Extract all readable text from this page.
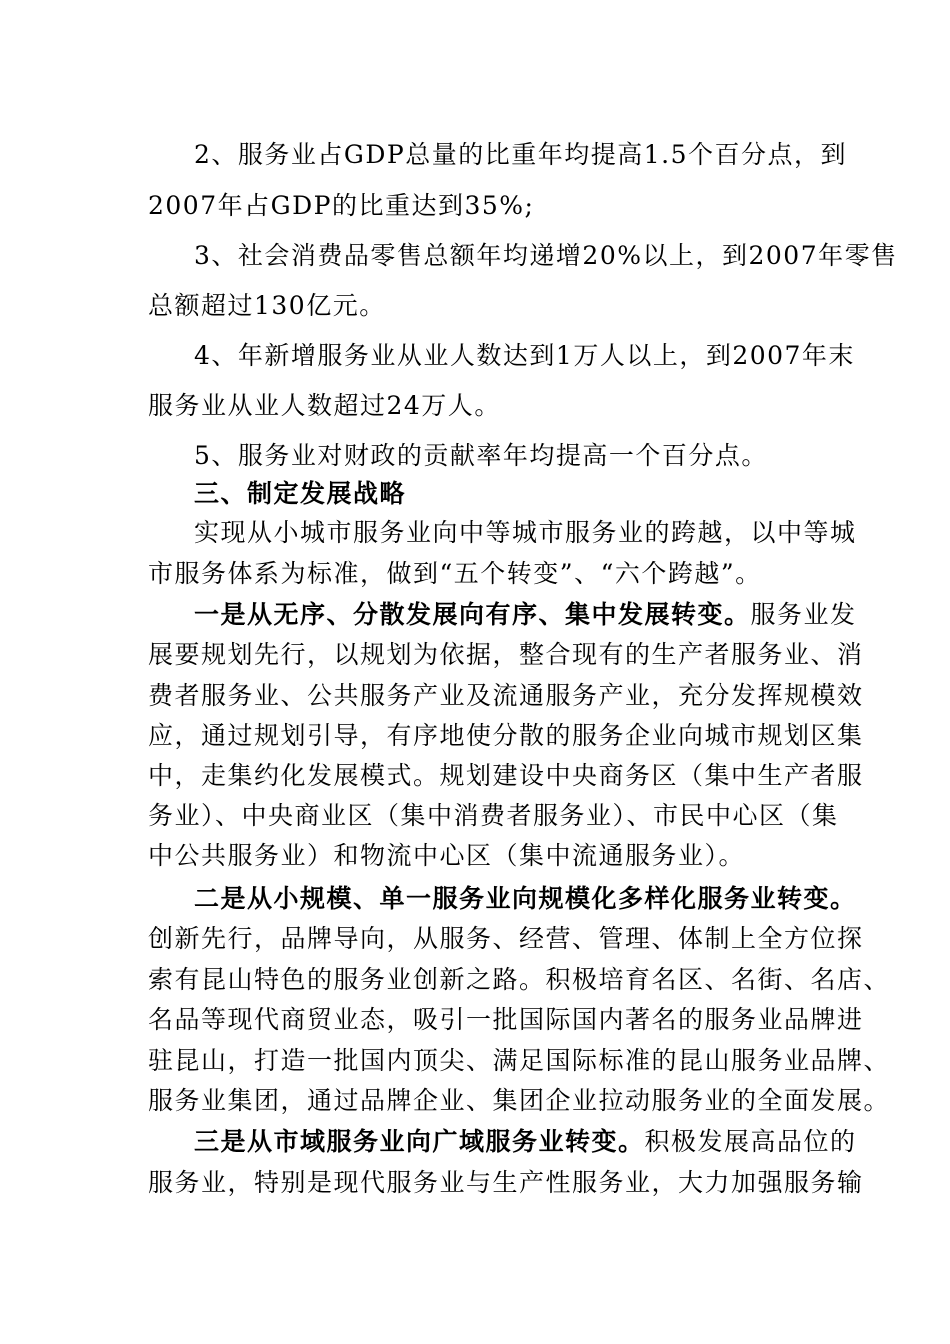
2、服务业占GDP总量的比重年均提高1.5个百分点，到
2007年占GDP的比重达到35%;
3、社会消费品零售总额年均递增20%以上，到2007年零售
总额超过130亿元。
4、年新增服务业从业人数达到1万人以上，到2007年末
服务业从业人数超过24万人。
5、服务业对财政的贡献率年均提高一个百分点。
三、制定发展战略
实现从小城市服务业向中等城市服务业的跨越，以中等城
市服务体系为标准，做到“五个转变”、“六个跨越”。
一是从无序、分散发展向有序、集中发展转变。服务业发
展要规划先行，以规划为依据，整合现有的生产者服务业、消
费者服务业、公共服务产业及流通服务产业，充分发挥规模效
应，通过规划引导，有序地使分散的服务企业向城市规划区集
中，走集约化发展模式。规划建设中央商务区（集中生产者服
务业）、中央商业区（集中消费者服务业）、市民中心区（集
中公共服务业）和物流中心区（集中流通服务业）。
二是从小规模、单一服务业向规模化多样化服务业转变。
创新先行，品牌导向，从服务、经营、管理、体制上全方位探
索有昆山特色的服务业创新之路。积极培育名区、名街、名店、
名品等现代商贸业态，吸引一批国际国内著名的服务业品牌进
驻昆山，打造一批国内顶尖、满足国际标准的昆山服务业品牌、
服务业集团，通过品牌企业、集团企业拉动服务业的全面发展。
三是从市域服务业向广域服务业转变。积极发展高品位的
服务业，特别是现代服务业与生产性服务业，大力加强服务输
